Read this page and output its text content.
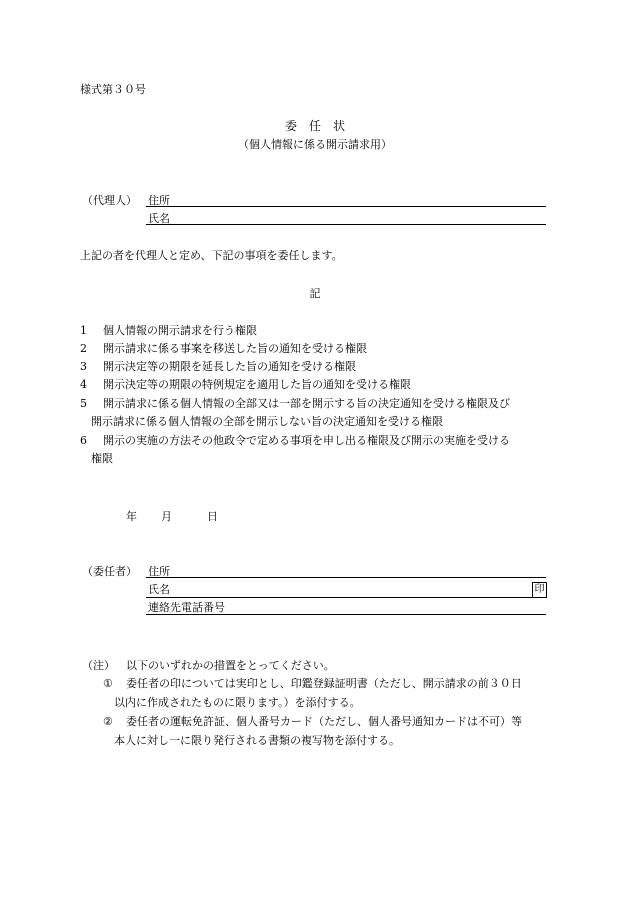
様式第３０号
委　任　状
（個人情報に係る開示請求用）
（代理人） 住所
氏名
上記の者を代理人と定め、下記の事項を委任します。
記
1	個人情報の開示請求を行う権限
2	開示請求に係る事案を移送した旨の通知を受ける権限
3	開示決定等の期限を延長した旨の通知を受ける権限
4	開示決定等の期限の特例規定を適用した旨の通知を受ける権限
5	開示請求に係る個人情報の全部又は一部を開示する旨の決定通知を受ける権限及び
開示請求に係る個人情報の全部を開示しない旨の決定通知を受ける権限
6	開示の実施の方法その他政令で定める事項を申し出る権限及び開示の実施を受ける
権限
年 月	日
（委任者） 住所
氏名	印
連絡先電話番号
（注） 以下のいずれかの措置をとってください。
① 委任者の印については実印とし、印鑑登録証明書（ただし、開示請求の前３０日
以内に作成されたものに限ります。）を添付する。
② 委任者の運転免許証、個人番号カード（ただし、個人番号通知カードは不可）等
本人に対し一に限り発行される書類の複写物を添付する。
